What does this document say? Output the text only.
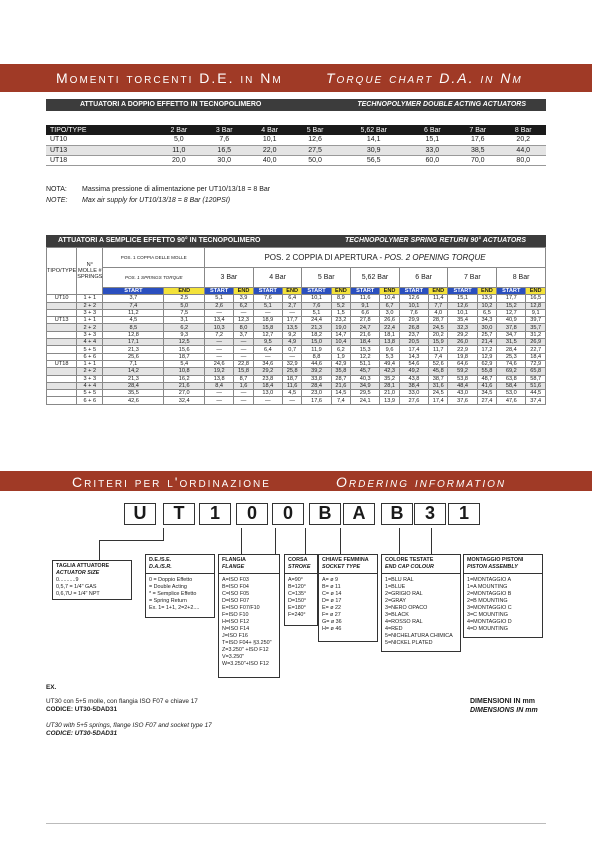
Momenti torcenti D.E. in Nm	Torque chart D.A. in Nm
ATTUATORI A DOPPIO EFFETTO IN TECNOPOLIMERO	TECHNOPOLYMER DOUBLE ACTING ACTUATORS
TIPO/TYPE	2 Bar	3 Bar	4 Bar	5 Bar	5,62 Bar	6 Bar	7 Bar	8 Bar
UT10	5,0	7,6	10,1	12,6	14,1	15,1	17,6	20,2
UT13	11,0	16,5	22,0	27,5	30,9	33,0	38,5	44,0
UT18	20,0	30,0	40,0	50,0	56,5	60,0	70,0	80,0
NOTA: Massima pressione di alimentazione per UT10/13/18 = 8 Bar
NOTE: Max air supply for UT10/13/18 = 8 Bar (120PSI)
ATTUATORI A SEMPLICE EFFETTO 90° IN TECNOPOLIMERO	TECHNOPOLYMER SPRING RETURN 90° ACTUATORS
TIPO/TYPE	N° MOLLE # SPRINGS	POS. 1 COPPIA DELLE MOLLE		POS. 2 COPPIA DI APERTURA - POS. 2 OPENING TORQUE													
		POS. 1 SPRINGS TORQUE		3 Bar		4 Bar		5 Bar		5,62 Bar		6 Bar		7 Bar		8 Bar	
		START	END	START	END	START	END	START	END	START	END	START	END	START	END	START	END
UT10	1 + 1	3,7	2,5	5,1	3,9	7,6	6,4	10,1	8,9	11,6	10,4	12,6	11,4	15,1	13,9	17,7	16,5
	2 + 2	7,4	5,0	2,6	6,2	5,1	2,7	7,6	5,2	9,1	6,7	10,1	7,7	12,6	10,2	15,2	12,8
	3 + 3	11,2	7,5	—	—	—	—	5,1	1,5	6,6	3,0	7,6	4,0	10,1	6,5	12,7	9,1
UT13	1 + 1	4,5	3,1	13,4	12,3	18,9	17,7	24,4	23,2	27,8	26,6	29,9	28,7	35,4	34,3	40,9	39,7
	2 + 2	8,5	6,2	10,3	8,0	15,8	13,5	21,3	19,0	24,7	22,4	26,8	24,5	32,3	30,0	37,8	35,7
	3 + 3	12,8	9,3	7,2	3,7	12,7	9,2	18,2	14,7	21,6	18,1	23,7	20,2	29,2	25,7	34,7	31,2
	4 + 4	17,1	12,5	—	—	9,5	4,9	15,0	10,4	18,4	13,8	20,5	15,9	26,0	21,4	31,5	26,9
	5 + 5	21,3	15,6	—	—	6,4	0,7	11,9	6,2	15,3	9,6	17,4	11,7	22,9	17,2	28,4	22,7
	6 + 6	25,6	18,7	—	—	—	—	8,8	1,9	12,2	5,3	14,3	7,4	19,8	12,9	25,3	18,4
UT18	1 + 1	7,1	5,4	24,6	22,8	34,6	32,9	44,6	42,9	51,1	49,4	54,6	52,6	64,6	62,9	74,6	72,9
	2 + 2	14,2	10,8	19,2	15,8	29,2	25,8	39,2	35,8	45,7	42,3	49,2	45,8	59,2	55,8	69,2	65,8
	3 + 3	21,3	16,2	13,8	8,7	23,8	18,7	33,8	28,7	40,3	35,2	43,8	38,7	53,8	48,7	63,8	58,7
	4 + 4	28,4	21,6	8,4	1,6	18,4	11,6	28,4	21,6	34,9	28,1	38,4	31,6	48,4	41,6	58,4	51,6
	5 + 5	35,5	27,0	—	—	13,0	4,5	23,0	14,5	29,5	21,0	33,0	24,5	43,0	34,5	53,0	44,5
	6 + 6	42,6	32,4	—	—	—	—	17,6	7,4	24,1	13,9	27,6	17,4	37,6	27,4	47,6	37,4
Criteri per l'ordinazione	Ordering information
U	T	1	0	0	B	A	B	3	1
TAGLIA ATTUATORE
ACTUATOR SIZE
0...........9
0,5,7 = 1/4" GAS
0,6,7U = 1/4" NPT
D.E./S.E.
D.A./S.R.
0 = Doppio Effetto
= Double Acting
* = Semplice Effetto
= Spring Return
Ex. 1= 1+1, 2=2+2....
FLANGIA
FLANGE
A=ISO F03
B=ISO F04
C=ISO F05
D=ISO F07
E=ISO F07/F10
F=ISO F10
H=ISO F12
N=ISO F14
J=ISO F16
T=ISO F04+ §3.250"
Z=3.250" +ISO F12
V=3.250"
W=3.250"+ISO F12
CORSA
STROKE
A=90°
B=120°
C=135°
D=150°
E=180°
F=240°
CHIAVE FEMMINA
SOCKET TYPE
A= ø 9
B= ø 11
C= ø 14
D= ø 17
E= ø 22
F= ø 27
G= ø 36
H= ø 46
COLORE TESTATE
END CAP COLOUR
1=BLU RAL
1=BLUE
2=GRIGIO RAL
2=GRAY
3=NERO OPACO
3=BLACK
4=ROSSO RAL
4=RED
5=NICHELATURA CHIMICA
5=NICKEL PLATED
MONTAGGIO PISTONI
PISTON ASSEMBLY
1=MONTAGGIO A
1=A MOUNTING
2=MONTAGGIO B
2=B MOUNTING
3=MONTAGGIO C
3=C MOUNTING
4=MONTAGGIO D
4=D MOUNTING
EX.
UT30 con 5+5 molle, con flangia ISO F07 e chiave 17
CODICE: UT30-5DAD31
UT30 with 5+5 springs, flange ISO F07 and socket type 17
CODICE: UT30-5DAD31
DIMENSIONI IN mm
DIMENSIONS IN mm
